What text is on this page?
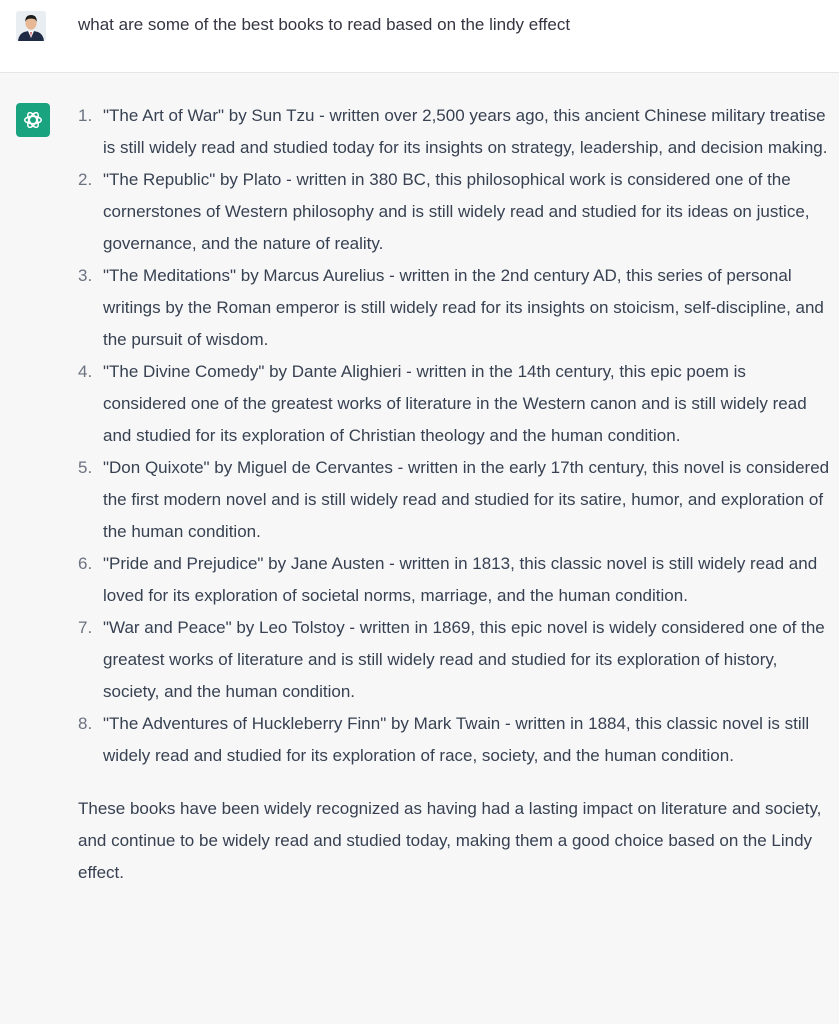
what are some of the best books to read based on the lindy effect
1. "The Art of War" by Sun Tzu - written over 2,500 years ago, this ancient Chinese military treatise is still widely read and studied today for its insights on strategy, leadership, and decision making.
2. "The Republic" by Plato - written in 380 BC, this philosophical work is considered one of the cornerstones of Western philosophy and is still widely read and studied for its ideas on justice, governance, and the nature of reality.
3. "The Meditations" by Marcus Aurelius - written in the 2nd century AD, this series of personal writings by the Roman emperor is still widely read for its insights on stoicism, self-discipline, and the pursuit of wisdom.
4. "The Divine Comedy" by Dante Alighieri - written in the 14th century, this epic poem is considered one of the greatest works of literature in the Western canon and is still widely read and studied for its exploration of Christian theology and the human condition.
5. "Don Quixote" by Miguel de Cervantes - written in the early 17th century, this novel is considered the first modern novel and is still widely read and studied for its satire, humor, and exploration of the human condition.
6. "Pride and Prejudice" by Jane Austen - written in 1813, this classic novel is still widely read and loved for its exploration of societal norms, marriage, and the human condition.
7. "War and Peace" by Leo Tolstoy - written in 1869, this epic novel is widely considered one of the greatest works of literature and is still widely read and studied for its exploration of history, society, and the human condition.
8. "The Adventures of Huckleberry Finn" by Mark Twain - written in 1884, this classic novel is still widely read and studied for its exploration of race, society, and the human condition.
These books have been widely recognized as having had a lasting impact on literature and society, and continue to be widely read and studied today, making them a good choice based on the Lindy effect.
